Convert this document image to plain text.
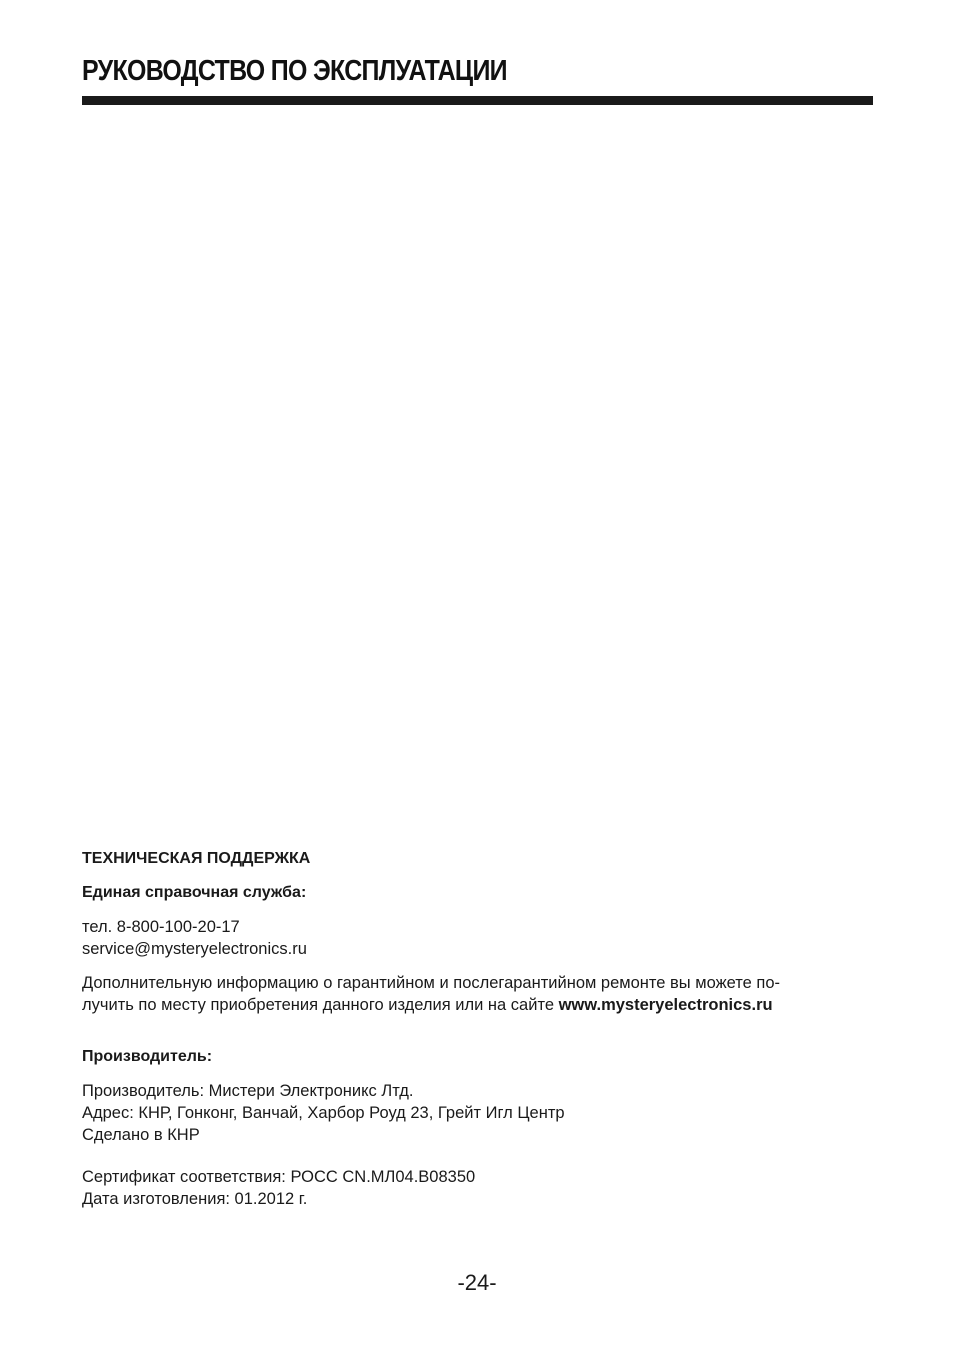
РУКОВОДСТВО ПО ЭКСПЛУАТАЦИИ
ТЕХНИЧЕСКАЯ ПОДДЕРЖКА
Единая справочная служба:
тел. 8-800-100-20-17
service@mysteryelectronics.ru
Дополнительную информацию о гарантийном и послегарантийном ремонте вы можете по-
лучить по месту приобретения данного изделия или на сайте www.mysteryelectronics.ru
Производитель:
Производитель: Мистери Электроникс Лтд.
Адрес: КНР, Гонконг, Ванчай, Харбор Роуд 23, Грейт Игл Центр
Сделано в КНР
Сертификат соответствия: РОСС CN.МЛ04.В08350
Дата изготовления: 01.2012 г.
-24-
